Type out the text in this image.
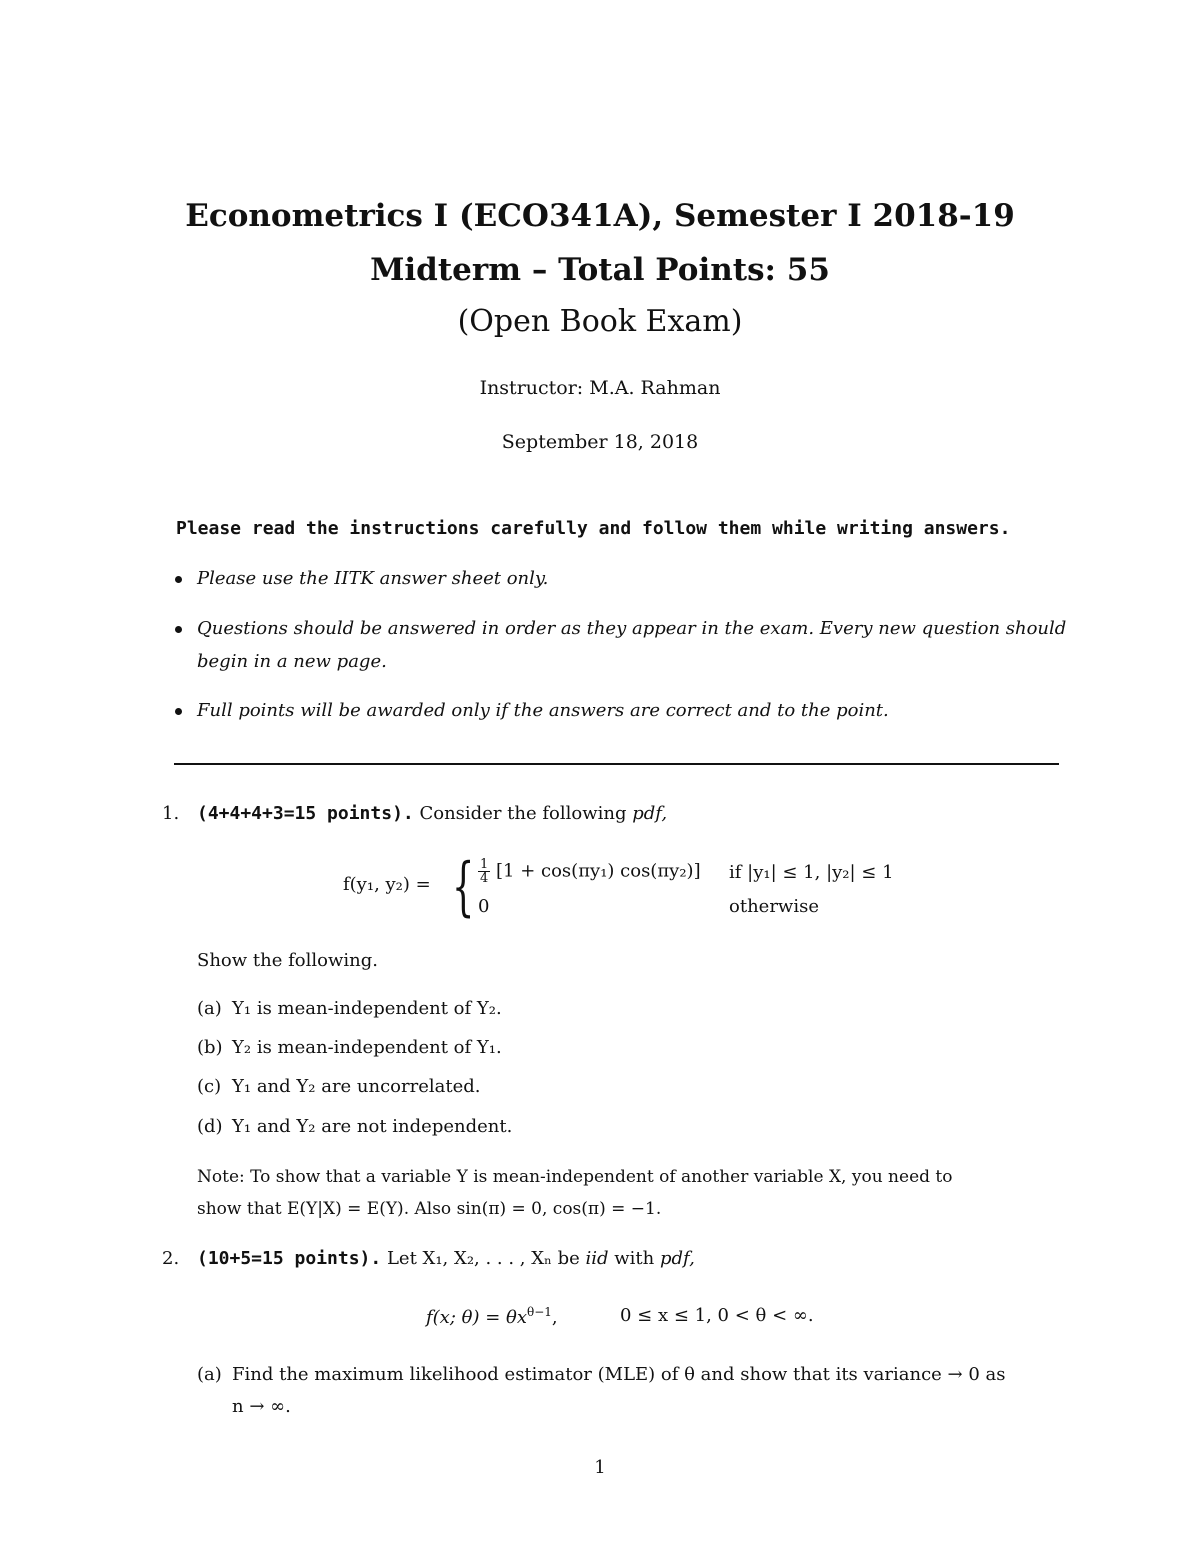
Econometrics I (ECO341A), Semester I 2018-19
Midterm – Total Points: 55
(Open Book Exam)
Instructor: M.A. Rahman
September 18, 2018
Please read the instructions carefully and follow them while writing answers.
Please use the IITK answer sheet only.
Questions should be answered in order as they appear in the exam. Every new question should
begin in a new page.
Full points will be awarded only if the answers are correct and to the point.
1. (4+4+4+3=15 points). Consider the following pdf,
f(y₁, y₂) = { $\frac{1}{4} [1 + \cos(\pi y_1)$ cos(πy₂)] if |y₁| ≤ 1, |y₂| ≤ 1
0	otherwise
Show the following.
(a) Y₁ is mean-independent of Y₂.
(b) Y₂ is mean-independent of Y₁.
(c) Y₁ and Y₂ are uncorrelated.
(d) Y₁ and Y₂ are not independent.
Note: To show that a variable Y is mean-independent of another variable X, you need to
show that E(Y|X) = E(Y). Also sin(π) = 0, cos(π) = −1.
2. (10+5=15 points). Let X₁, X₂, . . . , Xₙ be iid with pdf,
f(x; $\theta) = \theta x^{\theta-1}$,	0 ≤ x ≤ 1, 0 < θ < ∞.
(a) Find the maximum likelihood estimator (MLE) of θ and show that its variance → 0 as
n → ∞.
1
